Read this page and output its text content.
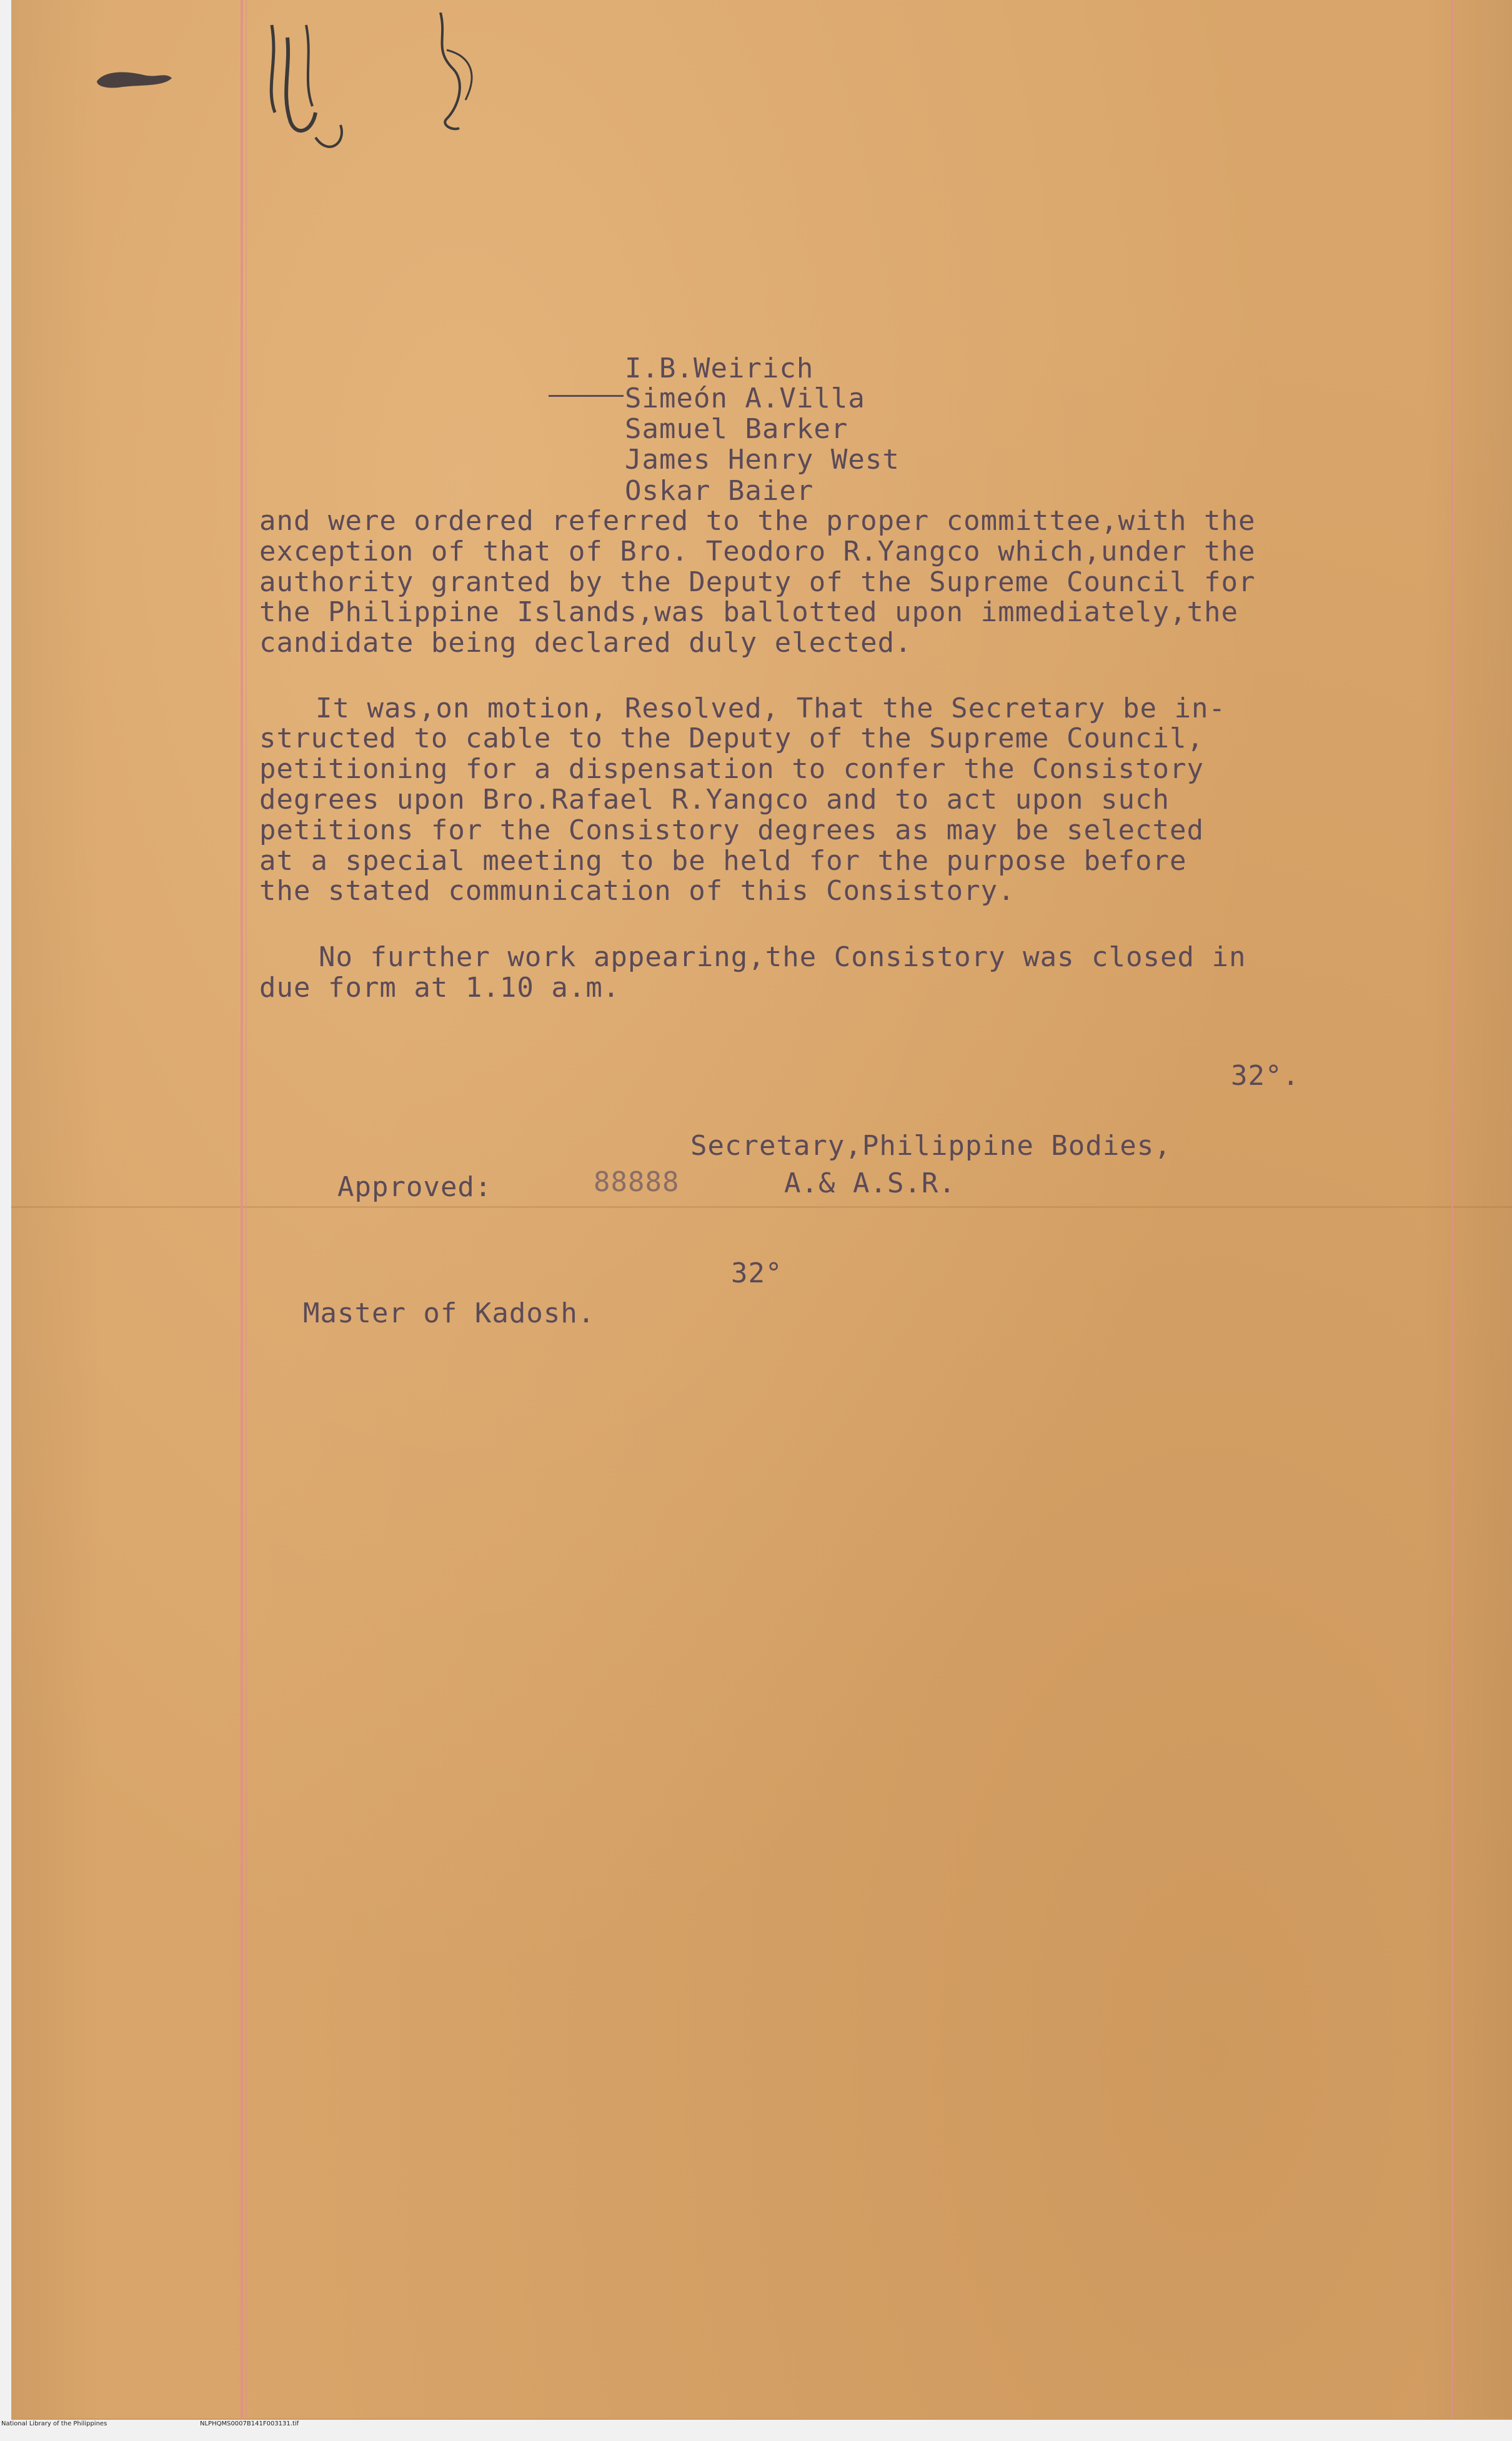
I.B.Weirich
Simeón A.Villa
Samuel Barker
James Henry West
Oskar Baier
and were ordered referred to the proper committee,with the
exception of that of Bro. Teodoro R.Yangco which,under the
authority granted by the Deputy of the Supreme Council for
the Philippine Islands,was ballotted upon immediately,the
candidate being declared duly elected.
It was,on motion, Resolved, That the Secretary be in-
structed to cable to the Deputy of the Supreme Council,
petitioning for a dispensation to confer the Consistory
degrees upon Bro.Rafael R.Yangco and to act upon such
petitions for the Consistory degrees as may be selected
at a special meeting to be held for the purpose before
the stated communication of this Consistory.
No further work appearing,the Consistory was closed in
due form at 1.10 a.m.
32°.
Secretary,Philippine Bodies,
Approved:	88888	A.& A.S.R.
32°
Master of Kadosh.

National Library of the Philippines

	NLPHQMS0007B141F003131.tif
